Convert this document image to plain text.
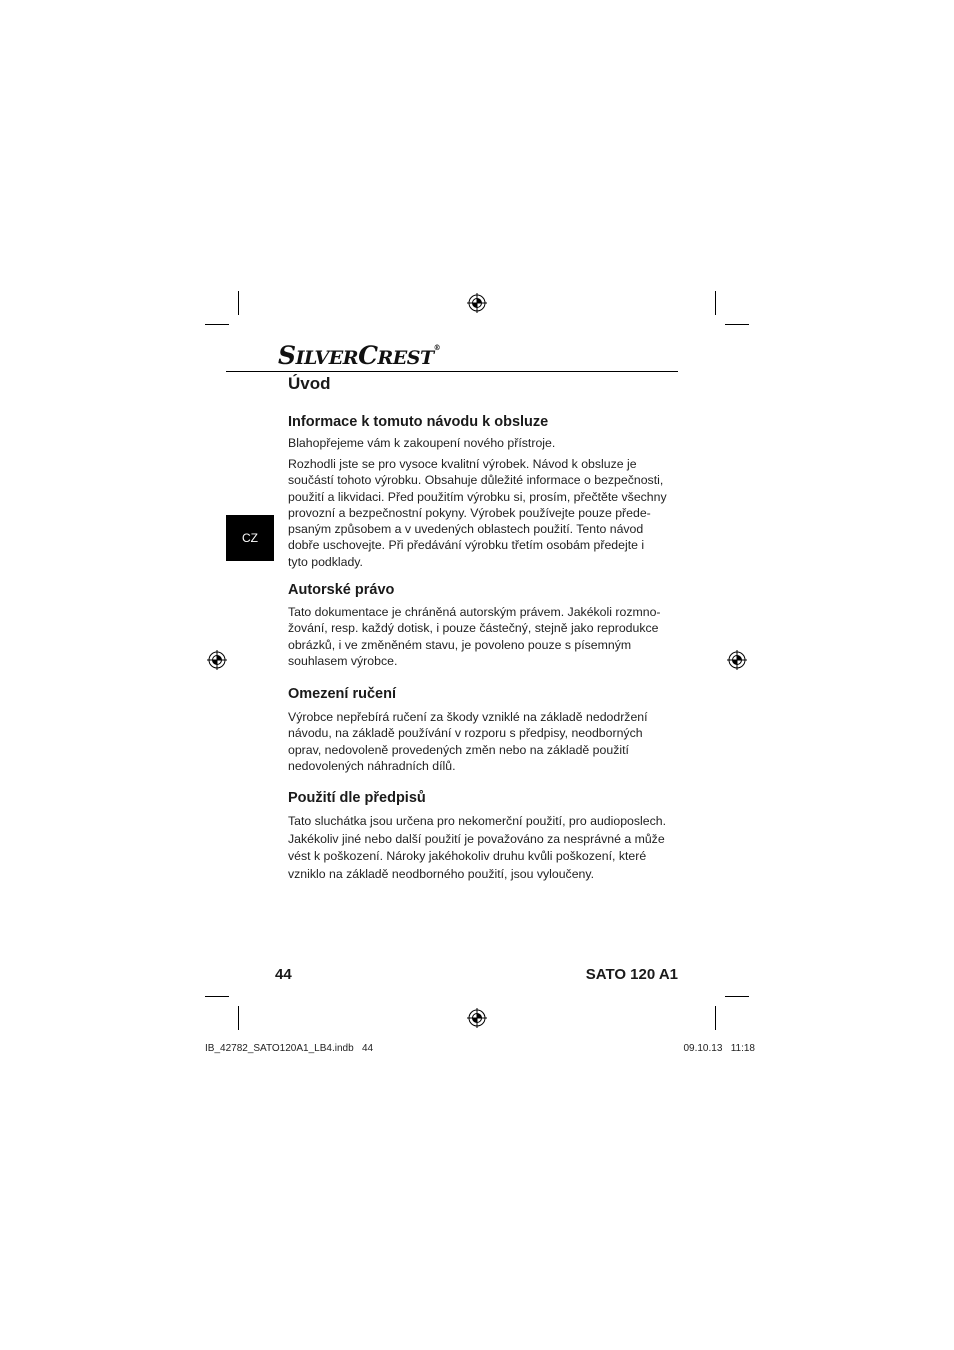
SILVERCREST®
Úvod
CZ
Informace k tomuto návodu k obsluze
Blahopřejeme vám k zakoupení nového přístroje.
Rozhodli jste se pro vysoce kvalitní výrobek. Návod k obsluze je
součástí tohoto výrobku. Obsahuje důležité informace o bezpečnosti,
použití a likvidaci. Před použitím výrobku si, prosím, přečtěte všechny
provozní a bezpečnostní pokyny. Výrobek používejte pouze přede-
psaným způsobem a v uvedených oblastech použití. Tento návod
dobře uschovejte. Při předávání výrobku třetím osobám předejte i
tyto podklady.
Autorské právo
Tato dokumentace je chráněná autorským právem. Jakékoli rozmno-
žování, resp. každý dotisk, i pouze částečný, stejně jako reprodukce
obrázků, i ve změněném stavu, je povoleno pouze s písemným
souhlasem výrobce.
Omezení ručení
Výrobce nepřebírá ručení za škody vzniklé na základě nedodržení
návodu, na základě používání v rozporu s předpisy, neodborných
oprav, nedovoleně provedených změn nebo na základě použití
nedovolených náhradních dílů.
Použití dle předpisů
Tato sluchátka jsou určena pro nekomerční použití, pro audioposlech.
Jakékoliv jiné nebo další použití je považováno za nesprávné a může
vést k poškození. Nároky jakéhokoliv druhu kvůli poškození, které
vzniklo na základě neodborného použití, jsou vyloučeny.
44	SATO 120 A1
IB_42782_SATO120A1_LB4.indb   44	09.10.13   11:18
